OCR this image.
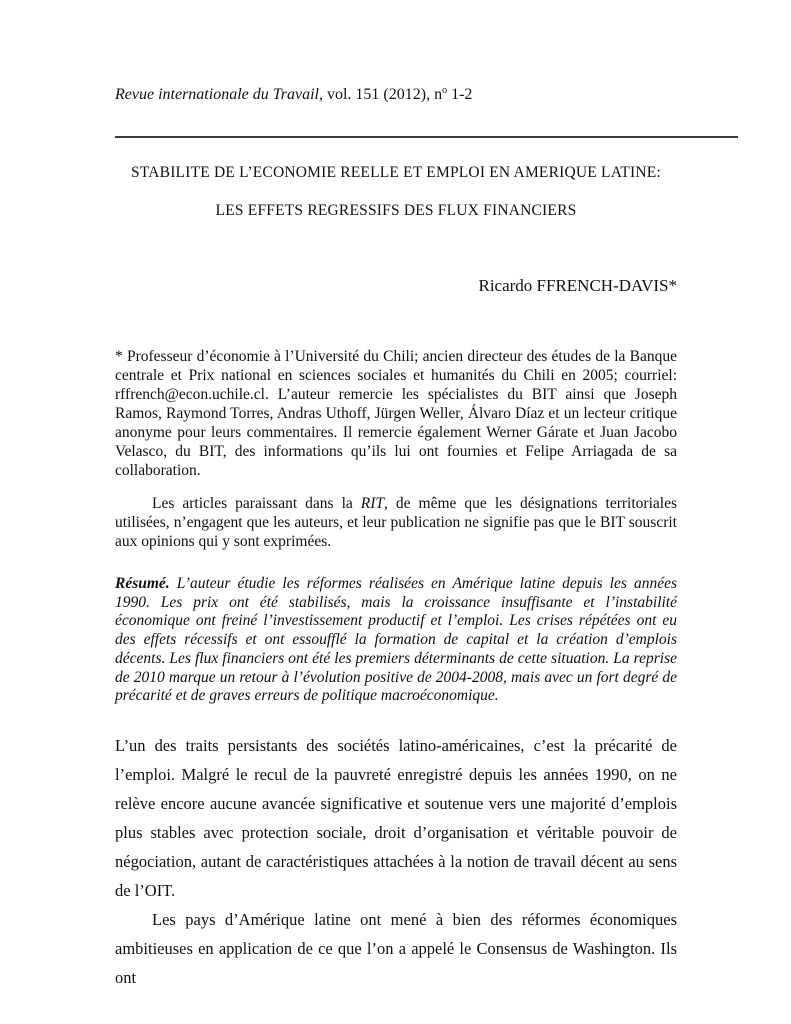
Revue internationale du Travail, vol. 151 (2012), $n^o$ 1-2
STABILITE DE L’ECONOMIE REELLE ET EMPLOI EN AMERIQUE LATINE:
LES EFFETS REGRESSIFS DES FLUX FINANCIERS
Ricardo FFRENCH-DAVIS*

* Professeur d’économie à l’Université du Chili; ancien directeur des études de la Banque centrale et Prix national en sciences sociales et humanités du Chili en 2005; courriel: rffrench@econ.uchile.cl. L’auteur remercie les spécialistes du BIT ainsi que Joseph Ramos, Raymond Torres, Andras Uthoff, Jürgen Weller, Álvaro Díaz et un lecteur critique anonyme pour leurs commentaires. Il remercie également Werner Gárate et Juan Jacobo Velasco, du BIT, des informations qu’ils lui ont fournies et Felipe Arriagada de sa collaboration.

Les articles paraissant dans la RIT, de même que les désignations territoriales utilisées, n’engagent que les auteurs, et leur publication ne signifie pas que le BIT souscrit aux opinions qui y sont exprimées.

Résumé. L’auteur étudie les réformes réalisées en Amérique latine depuis les années 1990. Les prix ont été stabilisés, mais la croissance insuffisante et l’instabilité économique ont freiné l’investissement productif et l’emploi. Les crises répétées ont eu des effets récessifs et ont essoufflé la formation de capital et la création d’emplois décents. Les flux financiers ont été les premiers déterminants de cette situation. La reprise de 2010 marque un retour à l’évolution positive de 2004-2008, mais avec un fort degré de précarité et de graves erreurs de politique macroéconomique.

L’un des traits persistants des sociétés latino-américaines, c’est la précarité de l’emploi. Malgré le recul de la pauvreté enregistré depuis les années 1990, on ne relève encore aucune avancée significative et soutenue vers une majorité d’emplois plus stables avec protection sociale, droit d’organisation et véritable pouvoir de négociation, autant de caractéristiques attachées à la notion de travail décent au sens de l’OIT.

Les pays d’Amérique latine ont mené à bien des réformes économiques ambitieuses en application de ce que l’on a appelé le Consensus de Washington. Ils ont
